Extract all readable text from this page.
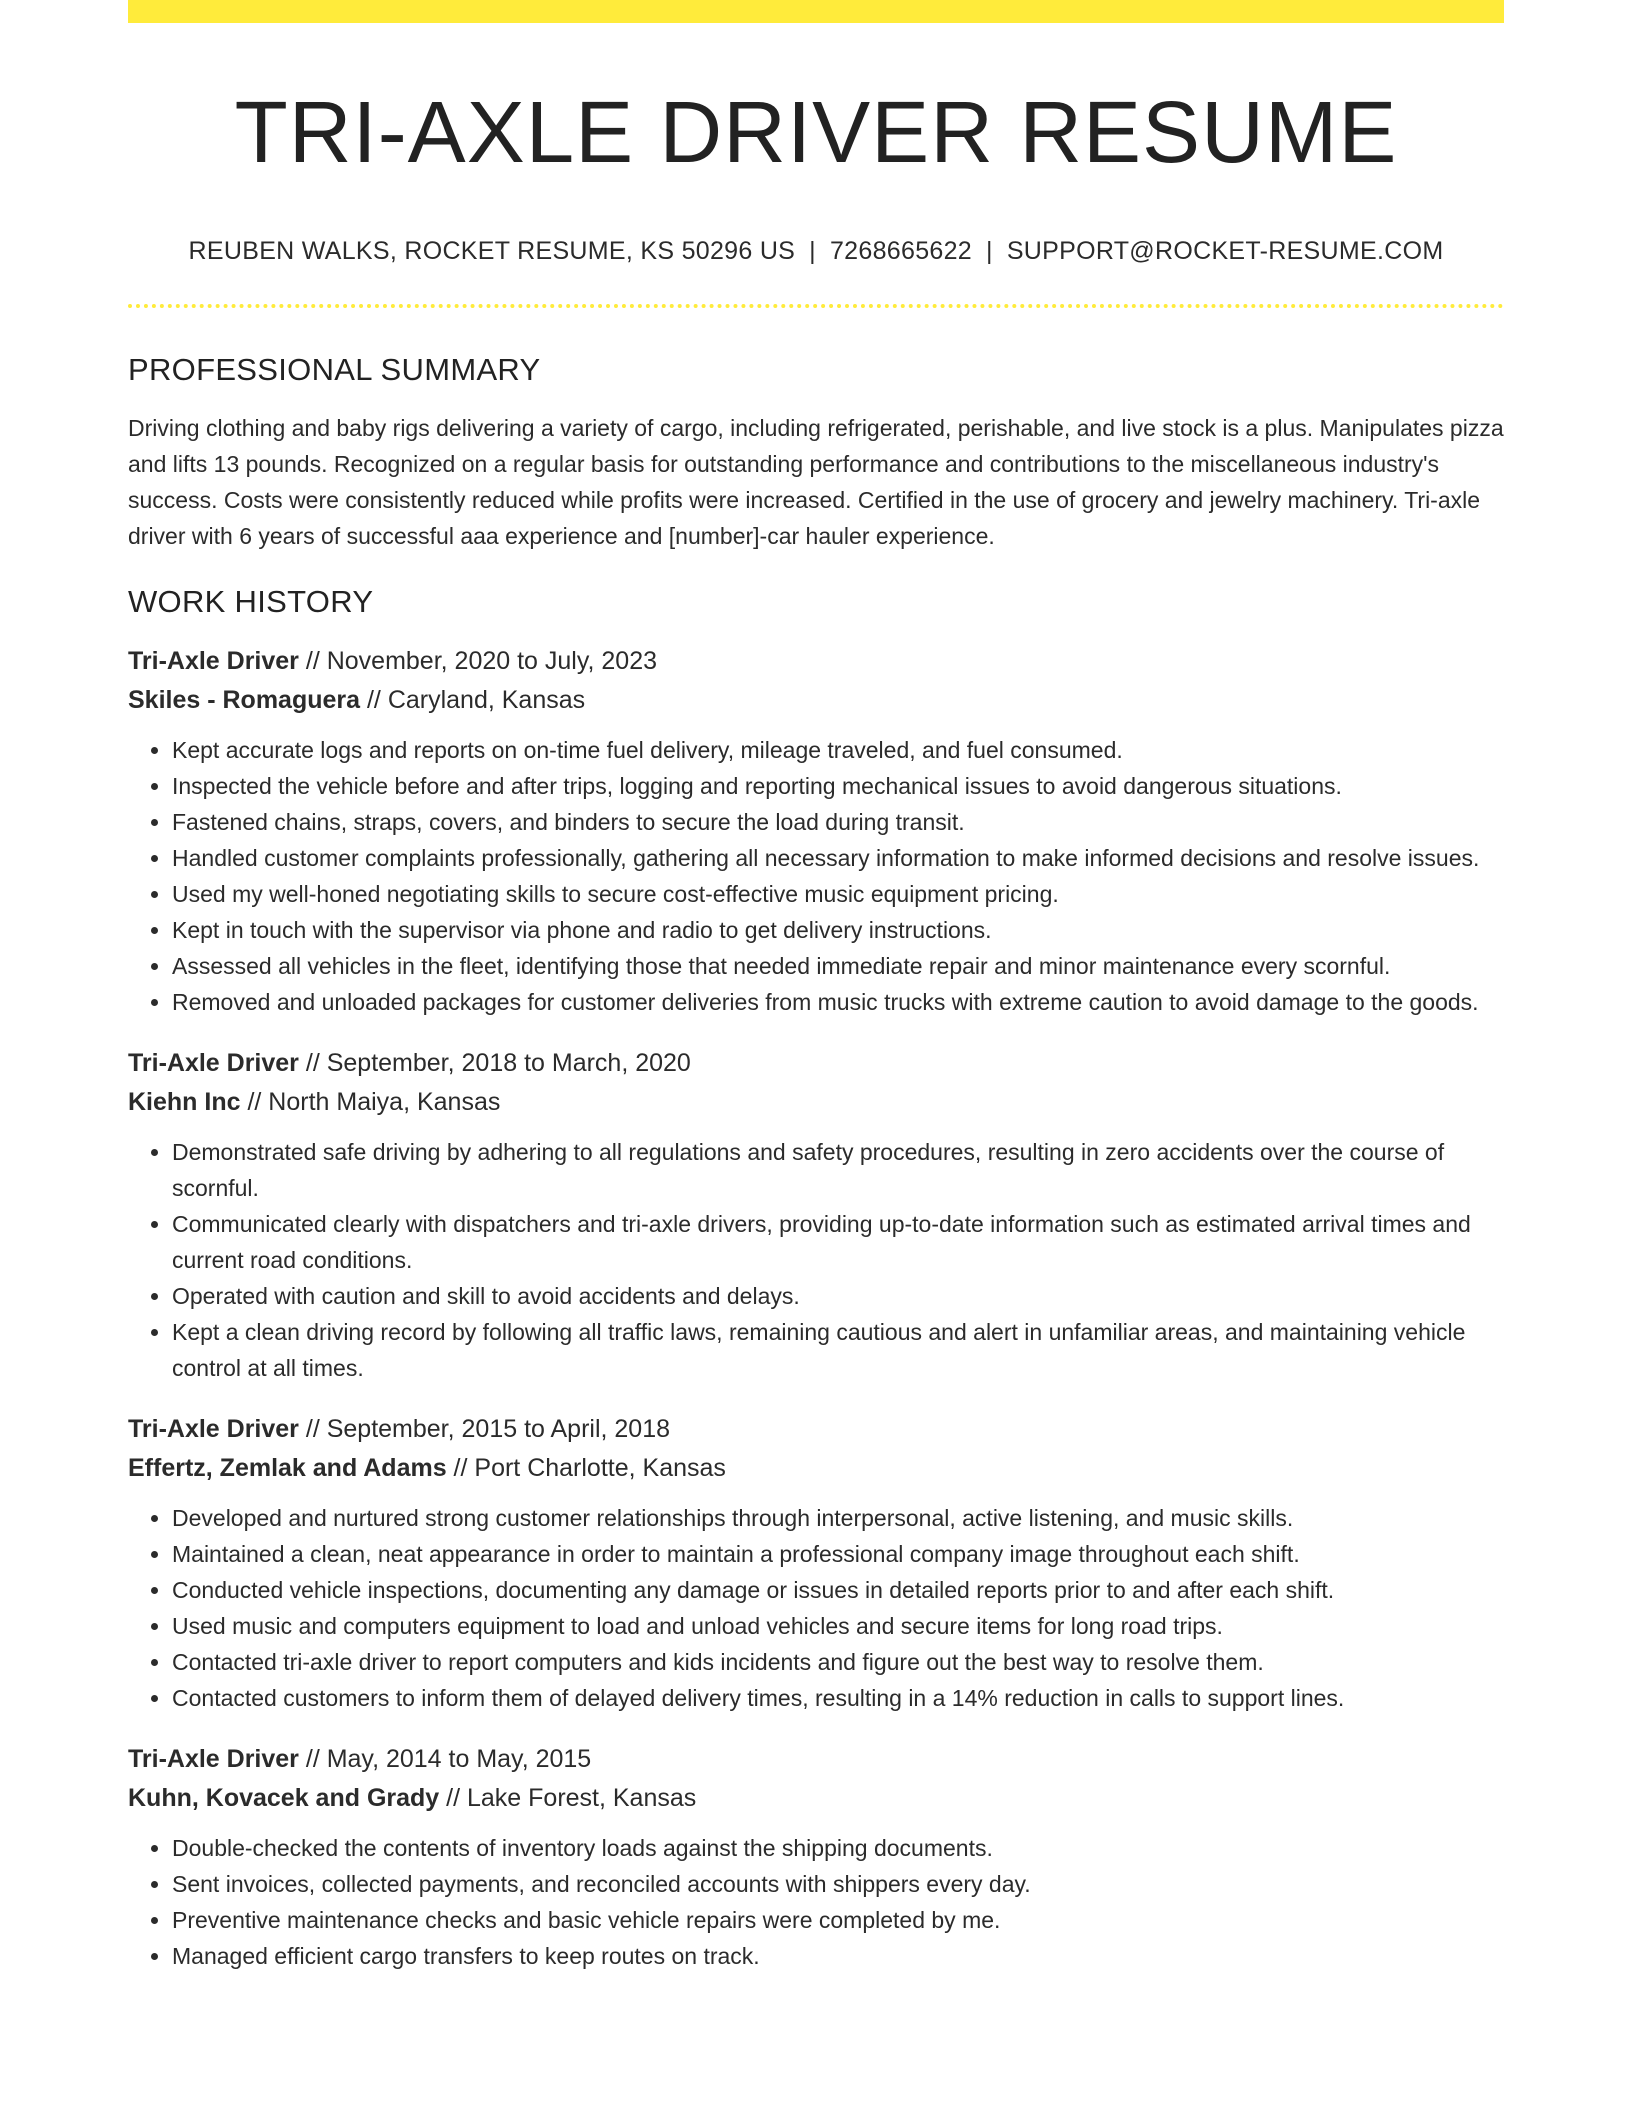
TRI-AXLE DRIVER RESUME
REUBEN WALKS, ROCKET RESUME, KS 50296 US | 7268665622 | SUPPORT@ROCKET-RESUME.COM
PROFESSIONAL SUMMARY

Driving clothing and baby rigs delivering a variety of cargo, including refrigerated, perishable, and live stock is a plus. Manipulates pizza and lifts 13 pounds. Recognized on a regular basis for outstanding performance and contributions to the miscellaneous industry's success. Costs were consistently reduced while profits were increased. Certified in the use of grocery and jewelry machinery. Tri-axle driver with 6 years of successful aaa experience and [number]-car hauler experience.

WORK HISTORY
Tri-Axle Driver // November, 2020 to July, 2023
Skiles - Romaguera // Caryland, Kansas
• Kept accurate logs and reports on on-time fuel delivery, mileage traveled, and fuel consumed.
• Inspected the vehicle before and after trips, logging and reporting mechanical issues to avoid dangerous situations.
• Fastened chains, straps, covers, and binders to secure the load during transit.
• Handled customer complaints professionally, gathering all necessary information to make informed decisions and resolve issues.
• Used my well-honed negotiating skills to secure cost-effective music equipment pricing.
• Kept in touch with the supervisor via phone and radio to get delivery instructions.
• Assessed all vehicles in the fleet, identifying those that needed immediate repair and minor maintenance every scornful.
• Removed and unloaded packages for customer deliveries from music trucks with extreme caution to avoid damage to the goods.
Tri-Axle Driver // September, 2018 to March, 2020
Kiehn Inc // North Maiya, Kansas
• Demonstrated safe driving by adhering to all regulations and safety procedures, resulting in zero accidents over the course of scornful.
• Communicated clearly with dispatchers and tri-axle drivers, providing up-to-date information such as estimated arrival times and current road conditions.
• Operated with caution and skill to avoid accidents and delays.
• Kept a clean driving record by following all traffic laws, remaining cautious and alert in unfamiliar areas, and maintaining vehicle control at all times.
Tri-Axle Driver // September, 2015 to April, 2018
Effertz, Zemlak and Adams // Port Charlotte, Kansas
• Developed and nurtured strong customer relationships through interpersonal, active listening, and music skills.
• Maintained a clean, neat appearance in order to maintain a professional company image throughout each shift.
• Conducted vehicle inspections, documenting any damage or issues in detailed reports prior to and after each shift.
• Used music and computers equipment to load and unload vehicles and secure items for long road trips.
• Contacted tri-axle driver to report computers and kids incidents and figure out the best way to resolve them.
• Contacted customers to inform them of delayed delivery times, resulting in a 14% reduction in calls to support lines.
Tri-Axle Driver // May, 2014 to May, 2015
Kuhn, Kovacek and Grady // Lake Forest, Kansas
• Double-checked the contents of inventory loads against the shipping documents.
• Sent invoices, collected payments, and reconciled accounts with shippers every day.
• Preventive maintenance checks and basic vehicle repairs were completed by me.
• Managed efficient cargo transfers to keep routes on track.
